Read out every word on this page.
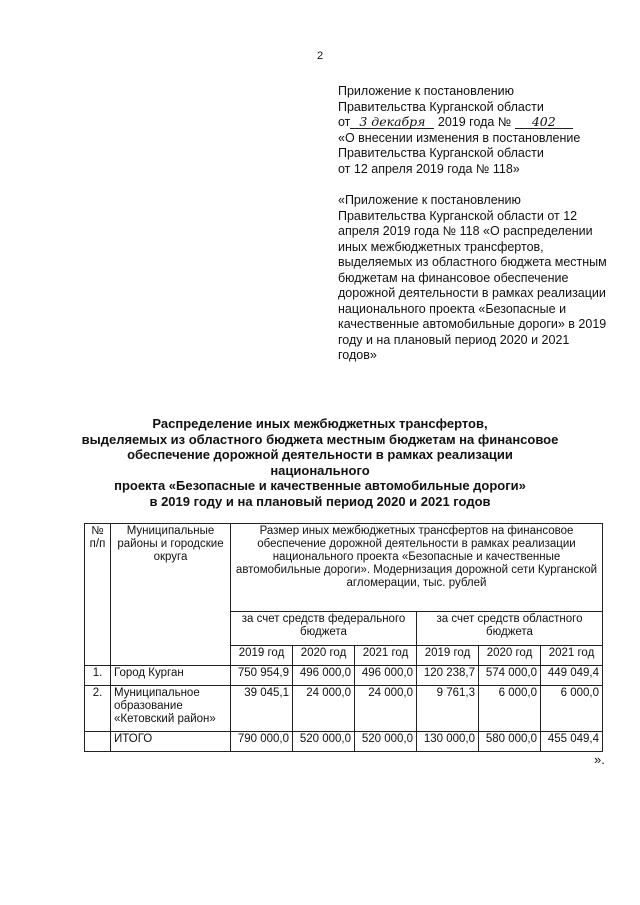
2
Приложение к постановлению
Правительства Курганской области
от 3 декабря 2019 года № 402
«О внесении изменения в постановление
Правительства Курганской области
от 12 апреля 2019 года № 118»
«Приложение к постановлению Правительства Курганской области от 12 апреля 2019 года № 118 «О распределении иных межбюджетных трансфертов, выделяемых из областного бюджета местным бюджетам на финансовое обеспечение дорожной деятельности в рамках реализации национального проекта «Безопасные и качественные автомобильные дороги» в 2019 году и на плановый период 2020 и 2021 годов»
Распределение иных межбюджетных трансфертов,
выделяемых из областного бюджета местным бюджетам на финансовое
обеспечение дорожной деятельности в рамках реализации национального
проекта «Безопасные и качественные автомобильные дороги»
в 2019 году и на плановый период 2020 и 2021 годов
№ п/п	Муниципальные районы и городские округа	Размер иных межбюджетных трансфертов на финансовое обеспечение дорожной деятельности в рамках реализации национального проекта «Безопасные и качественные автомобильные дороги». Модернизация дорожной сети Курганской агломерации, тыс. рублей					
		за счет средств федерального бюджета			за счет средств областного бюджета		
		2019 год	2020 год	2021 год	2019 год	2020 год	2021 год
1.	Город Курган	750 954,9	496 000,0	496 000,0	120 238,7	574 000,0	449 049,4
2.	Муниципальное образование «Кетовский район»	39 045,1	24 000,0	24 000,0	9 761,3	6 000,0	6 000,0
	ИТОГО	790 000,0	520 000,0	520 000,0	130 000,0	580 000,0	455 049,4
».
